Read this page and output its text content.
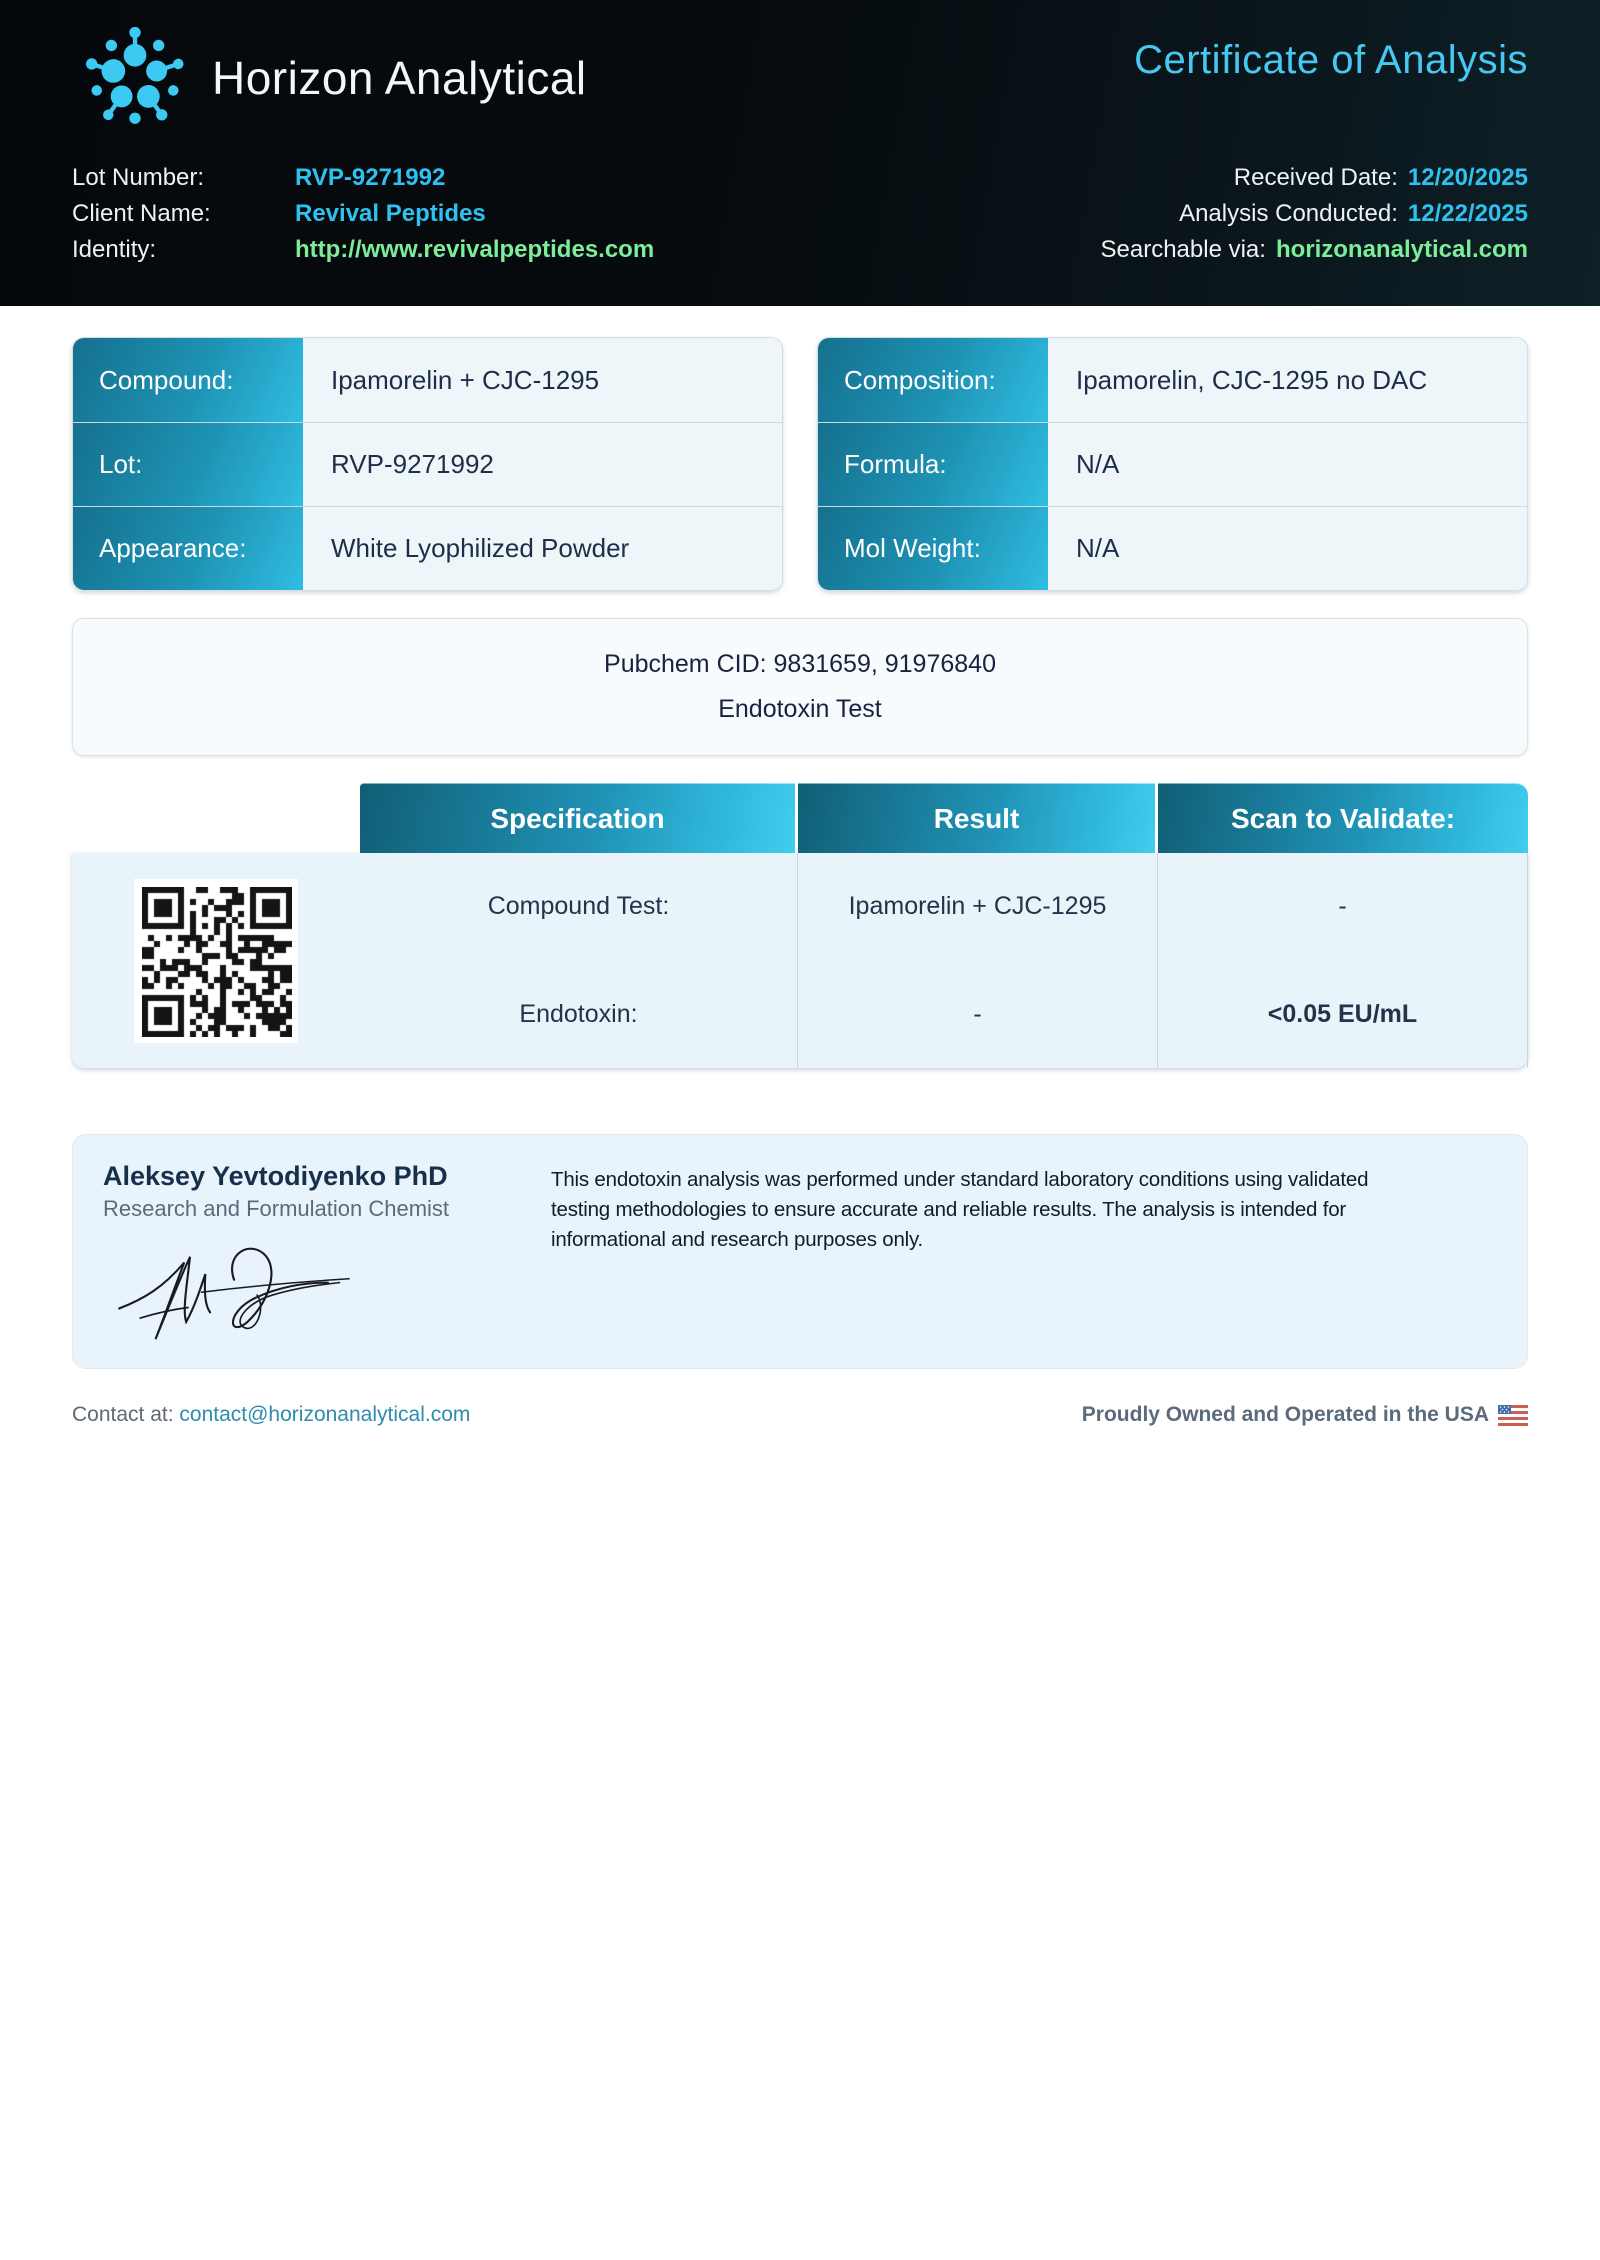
Horizon Analytical	Certificate of Analysis
Lot Number:	RVP-9271992
Client Name:	Revival Peptides
Identity:	http://www.revivalpeptides.com
Received Date: 12/20/2025
Analysis Conducted: 12/22/2025
Searchable via: horizonanalytical.com
Compound:	Ipamorelin + CJC-1295
Lot:	RVP-9271992
Appearance:	White Lyophilized Powder
Composition:	Ipamorelin, CJC-1295 no DAC
Formula:	N/A
Mol Weight:	N/A
Pubchem CID: 9831659, 91976840
Endotoxin Test
Specification	Result	Scan to Validate:
Compound Test:	Ipamorelin + CJC-1295	-
Endotoxin:	-	<0.05 EU/mL
Aleksey Yevtodiyenko PhD
Research and Formulation Chemist
This endotoxin analysis was performed under standard laboratory conditions using validated
testing methodologies to ensure accurate and reliable results. The analysis is intended for
informational and research purposes only.
Contact at: contact@horizonanalytical.com	Proudly Owned and Operated in the USA
